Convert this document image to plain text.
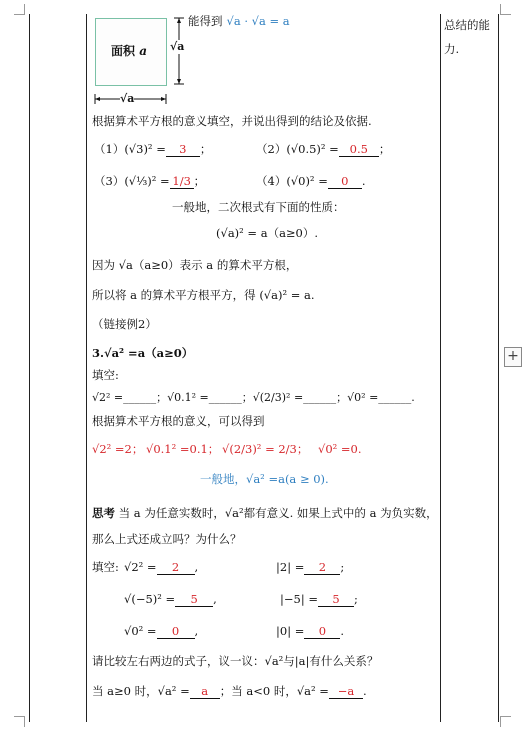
总结的能
力.
面积 a √a
√a
能得到 √a · √a = a
根据算术平方根的意义填空，并说出得到的结论及依据.
（1）(√3)² = 3 ；	（2）(√0.5)² = 0.5 ；
（3）(√⅓)² = 1/3 ；	（4）(√0)² = 0 .
一般地，二次根式有下面的性质：
(√a)² = a（a≥0）.
因为 √a（a≥0）表示 a 的算术平方根，
所以将 a 的算术平方根平方，得 (√a)² = a.
（链接例2）
3.√a² =a（a≥0）
填空:
√2² =______；√0.1² =______；√(2/3)² =______；√0² =______.
根据算术平方根的意义，可以得到
√2² =2； √0.1² =0.1； √(2/3)² = 2/3； √0² =0.
一般地，√a² =a(a ≥ 0).
思考 当 a 为任意实数时，√a²都有意义. 如果上式中的 a 为负实数，
那么上式还成立吗？为什么？
填空: √2² = 2 ,	|2| = 2 ;
√(−5)² = 5 ,	|−5| = 5 ;
√0² = 0 ,	|0| = 0 .
请比较左右两边的式子，议一议：√a²与|a|有什么关系？
当 a≥0 时，√a² = a ；当 a<0 时，√a² = −a .
+
